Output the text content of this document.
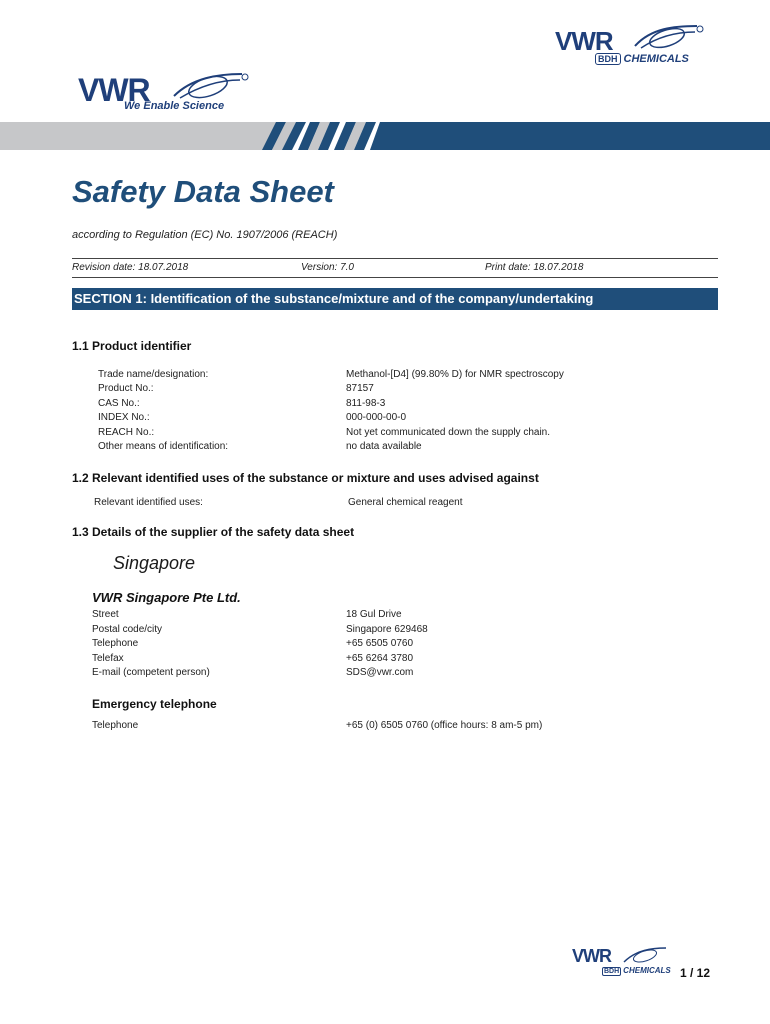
VWR
BDH CHEMICALS
VWR
We Enable Science
Safety Data Sheet
according to Regulation (EC) No. 1907/2006 (REACH)
Revision date: 18.07.2018	Version: 7.0	Print date: 18.07.2018
SECTION 1: Identification of the substance/mixture and of the company/undertaking
1.1 Product identifier
Trade name/designation:	Methanol-[D4] (99.80% D) for NMR spectroscopy
Product No.:	87157
CAS No.:	811-98-3
INDEX No.:	000-000-00-0
REACH No.:	Not yet communicated down the supply chain.
Other means of identification:	no data available
1.2 Relevant identified uses of the substance or mixture and uses advised against
Relevant identified uses:	General chemical reagent
1.3 Details of the supplier of the safety data sheet
Singapore
VWR Singapore Pte Ltd.
Street	18 Gul Drive
Postal code/city	Singapore 629468
Telephone	+65 6505 0760
Telefax	+65 6264 3780
E-mail (competent person)	SDS@vwr.com
Emergency telephone
Telephone	+65 (0) 6505 0760 (office hours: 8 am-5 pm)
VWR
BDH CHEMICALS 1 / 12
